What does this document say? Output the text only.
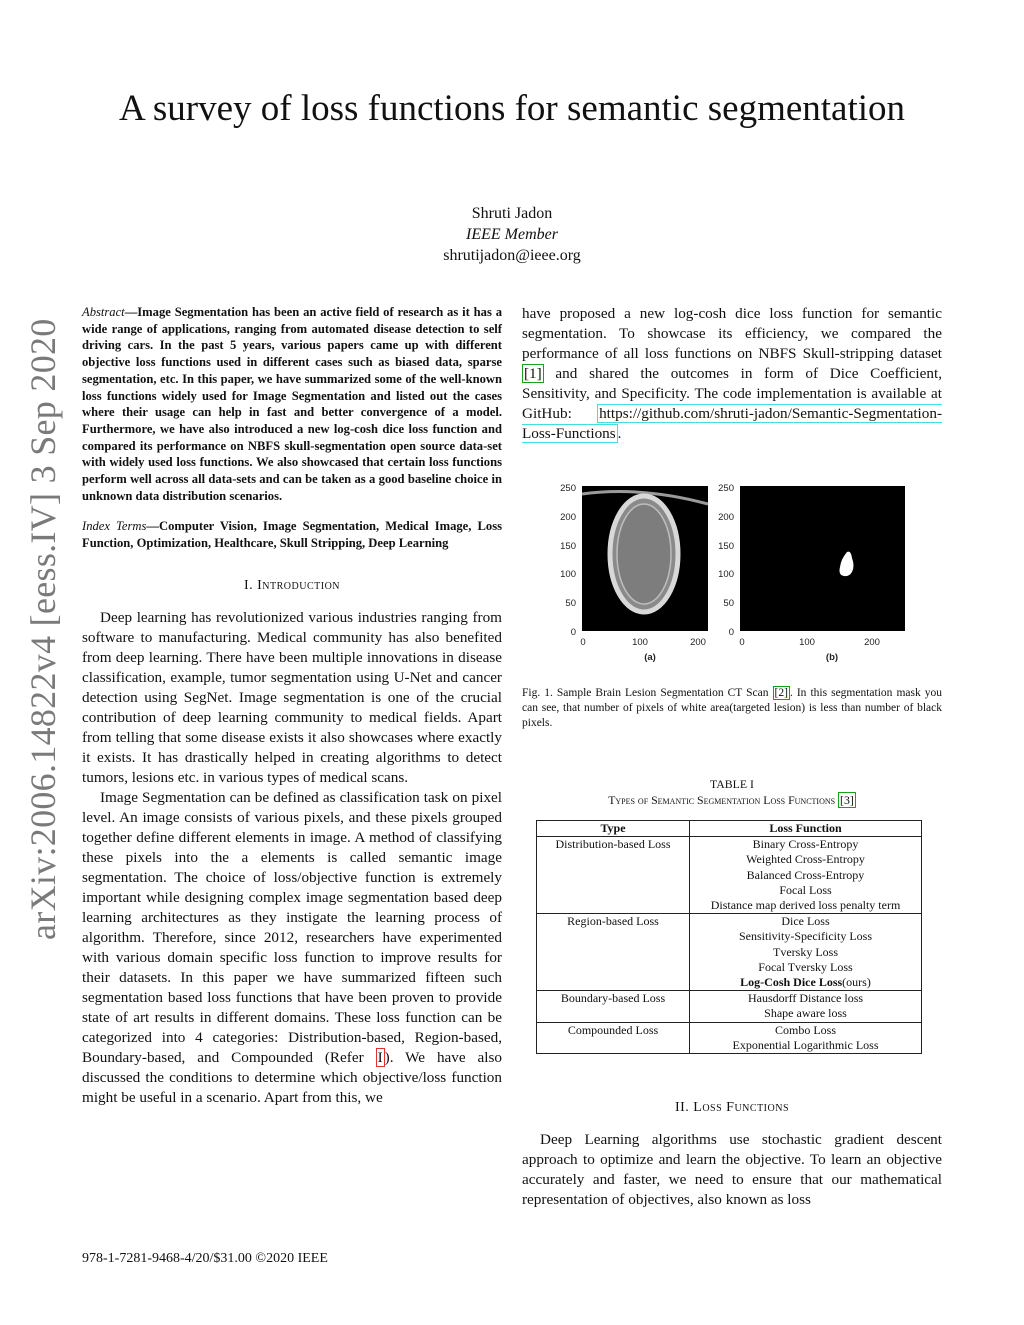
A survey of loss functions for semantic segmentation
Shruti Jadon
IEEE Member
shrutijadon@ieee.org
arXiv:2006.14822v4 [eess.IV] 3 Sep 2020

Abstract—Image Segmentation has been an active field of research as it has a wide range of applications, ranging from automated disease detection to self driving cars. In the past 5 years, various papers came up with different objective loss functions used in different cases such as biased data, sparse segmentation, etc. In this paper, we have summarized some of the well-known loss functions widely used for Image Segmentation and listed out the cases where their usage can help in fast and better convergence of a model. Furthermore, we have also introduced a new log-cosh dice loss function and compared its performance on NBFS skull-segmentation open source data-set with widely used loss functions. We also showcased that certain loss functions perform well across all data-sets and can be taken as a good baseline choice in unknown data distribution scenarios.

Index Terms—Computer Vision, Image Segmentation, Medical Image, Loss Function, Optimization, Healthcare, Skull Stripping, Deep Learning

I. Introduction

Deep learning has revolutionized various industries ranging from software to manufacturing. Medical community has also benefited from deep learning. There have been multiple innovations in disease classification, example, tumor segmentation using U-Net and cancer detection using SegNet. Image segmentation is one of the crucial contribution of deep learning community to medical fields. Apart from telling that some disease exists it also showcases where exactly it exists. It has drastically helped in creating algorithms to detect tumors, lesions etc. in various types of medical scans.

Image Segmentation can be defined as classification task on pixel level. An image consists of various pixels, and these pixels grouped together define different elements in image. A method of classifying these pixels into the a elements is called semantic image segmentation. The choice of loss/objective function is extremely important while designing complex image segmentation based deep learning architectures as they instigate the learning process of algorithm. Therefore, since 2012, researchers have experimented with various domain specific loss function to improve results for their datasets. In this paper we have summarized fifteen such segmentation based loss functions that have been proven to provide state of art results in different domains. These loss function can be categorized into 4 categories: Distribution-based, Region-based, Boundary-based, and Compounded (Refer I ). We have also discussed the conditions to determine which objective/loss function might be useful in a scenario. Apart from this, we

have proposed a new log-cosh dice loss function for semantic segmentation. To showcase its efficiency, we compared the performance of all loss functions on NBFS Skull-stripping dataset [1] and shared the outcomes in form of Dice Coefficient, Sensitivity, and Specificity. The code implementation is available at GitHub: https://github.com/shruti-jadon/Semantic-Segmentation-Loss-Functions .

250
200
150
100
50
0
250
200
150
100
50
0
0	100	200	0	100	200
(a)	(b)
Fig. 1. Sample Brain Lesion Segmentation CT Scan [2] . In this segmentation mask you can see, that number of pixels of white area(targeted lesion) is less than number of black pixels.
TABLE I
Types of Semantic Segmentation Loss Functions [3]
Type	Loss Function
Distribution-based Loss	Binary Cross-Entropy
Weighted Cross-Entropy
Balanced Cross-Entropy
Focal Loss
Distance map derived loss penalty term

Region-based Loss	Dice Loss
Sensitivity-Specificity Loss
Tversky Loss
Focal Tversky Loss
Log-Cosh Dice Loss(ours)

Boundary-based Loss	Hausdorff Distance loss
Shape aware loss

Compounded Loss	Combo Loss
Exponential Logarithmic Loss
II. Loss Functions

Deep Learning algorithms use stochastic gradient descent approach to optimize and learn the objective. To learn an objective accurately and faster, we need to ensure that our mathematical representation of objectives, also known as loss

978-1-7281-9468-4/20/$31.00 ©2020 IEEE
